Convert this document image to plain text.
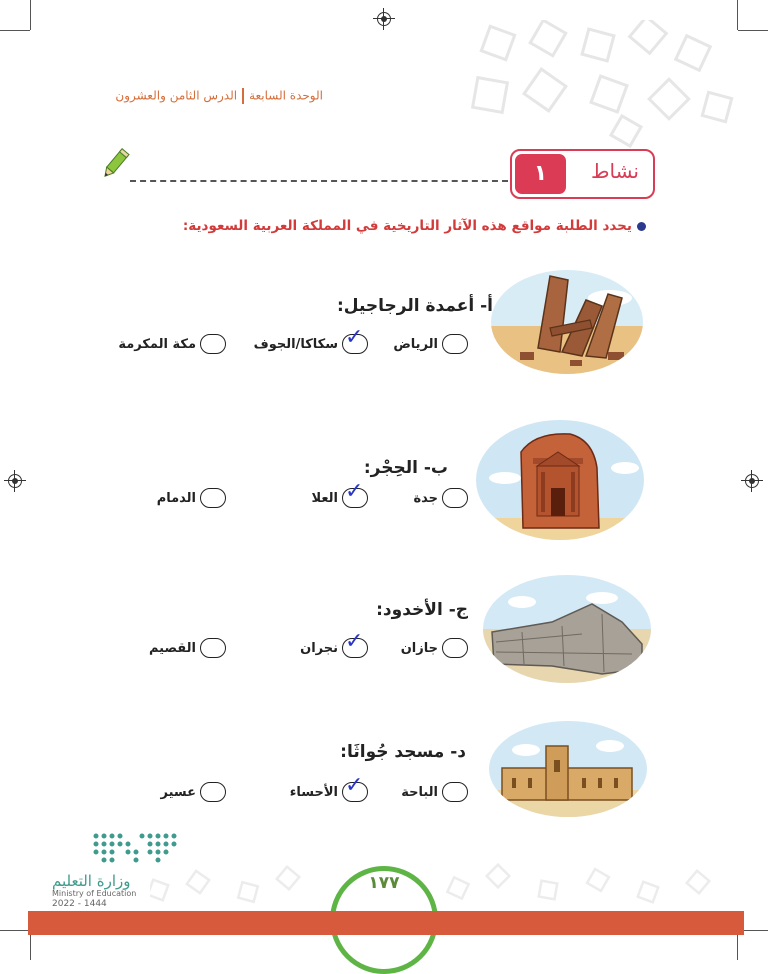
الوحدة السابعةالدرس الثامن والعشرون
نشاط
١
يحدد الطلبة مواقع هذه الآثار التاريخية في المملكة العربية السعودية:
أ- أعمدة الرجاجيل:
الرياض
✓
سكاكا/الجوف
مكة المكرمة
ب- الحِجْر:
جدة
✓
العلا
الدمام
ج- الأخدود:
جازان
✓
نجران
القصيم
د- مسجد جُواثَا:
الباحة
✓
الأحساء
عسير
وزارة التعليم
Ministry of Education
2022 - 1444
١٧٧
